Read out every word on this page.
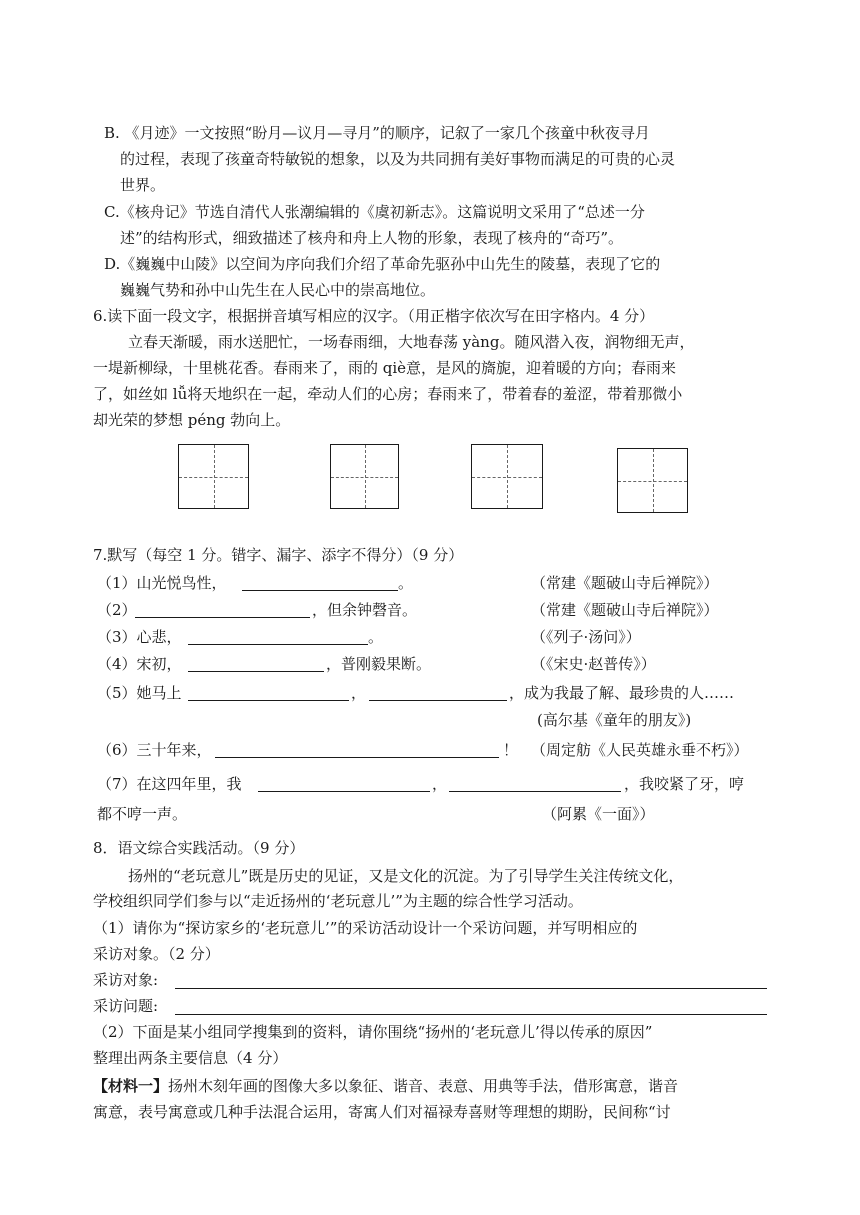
B. 《月迹》一文按照“盼月—议月—寻月”的顺序，记叙了一家几个孩童中秋夜寻月
的过程，表现了孩童奇特敏锐的想象，以及为共同拥有美好事物而满足的可贵的心灵
世界。
C.《核舟记》节选自清代人张潮编辑的《虞初新志》。这篇说明文采用了“总述一分
述”的结构形式，细致描述了核舟和舟上人物的形象，表现了核舟的“奇巧”。
D.《巍巍中山陵》以空间为序向我们介绍了革命先驱孙中山先生的陵墓，表现了它的
巍巍气势和孙中山先生在人民心中的崇高地位。
6.读下面一段文字，根据拼音填写相应的汉字。（用正楷字依次写在田字格内。4 分）
立春天渐暖，雨水送肥忙，一场春雨细，大地春荡 yàng。随风潜入夜，润物细无声，
一堤新柳绿，十里桃花香。春雨来了，雨的 qiè意，是风的旖旎，迎着暖的方向；春雨来
了，如丝如 lǚ将天地织在一起，牵动人们的心房；春雨来了，带着春的羞涩，带着那微小
却光荣的梦想 péng 勃向上。
7.默写（每空 1 分。错字、漏字、添字不得分）（9 分）
（1）山光悦鸟性，	。	（常建《题破山寺后禅院》）
（2）	，但余钟磬音。	（常建《题破山寺后禅院》）
（3）心悲，	。	（《列子·汤问》）
（4）宋初，	，普刚毅果断。	（《宋史·赵普传》）
（5）她马上	，	，成为我最了解、最珍贵的人……
(高尔基《童年的朋友》)
（6）三十年来，	！ （周定舫《人民英雄永垂不朽》）
（7）在这四年里，我	，	，我咬紧了牙，哼
都不哼一声。	（阿累《一面》）
8．语文综合实践活动。（9 分）
扬州的“老玩意儿”既是历史的见证，又是文化的沉淀。为了引导学生关注传统文化，
学校组织同学们参与以“走近扬州的‘老玩意儿’”为主题的综合性学习活动。
（1）请你为“探访家乡的‘老玩意儿’”的采访活动设计一个采访问题，并写明相应的
采访对象。（2 分）
采访对象:
采访问题:
（2）下面是某小组同学搜集到的资料，请你围绕“扬州的‘老玩意儿’得以传承的原因”
整理出两条主要信息（4 分）
【材料一】扬州木刻年画的图像大多以象征、谐音、表意、用典等手法，借形寓意，谐音
寓意，表号寓意或几种手法混合运用，寄寓人们对福禄寿喜财等理想的期盼，民间称“讨
